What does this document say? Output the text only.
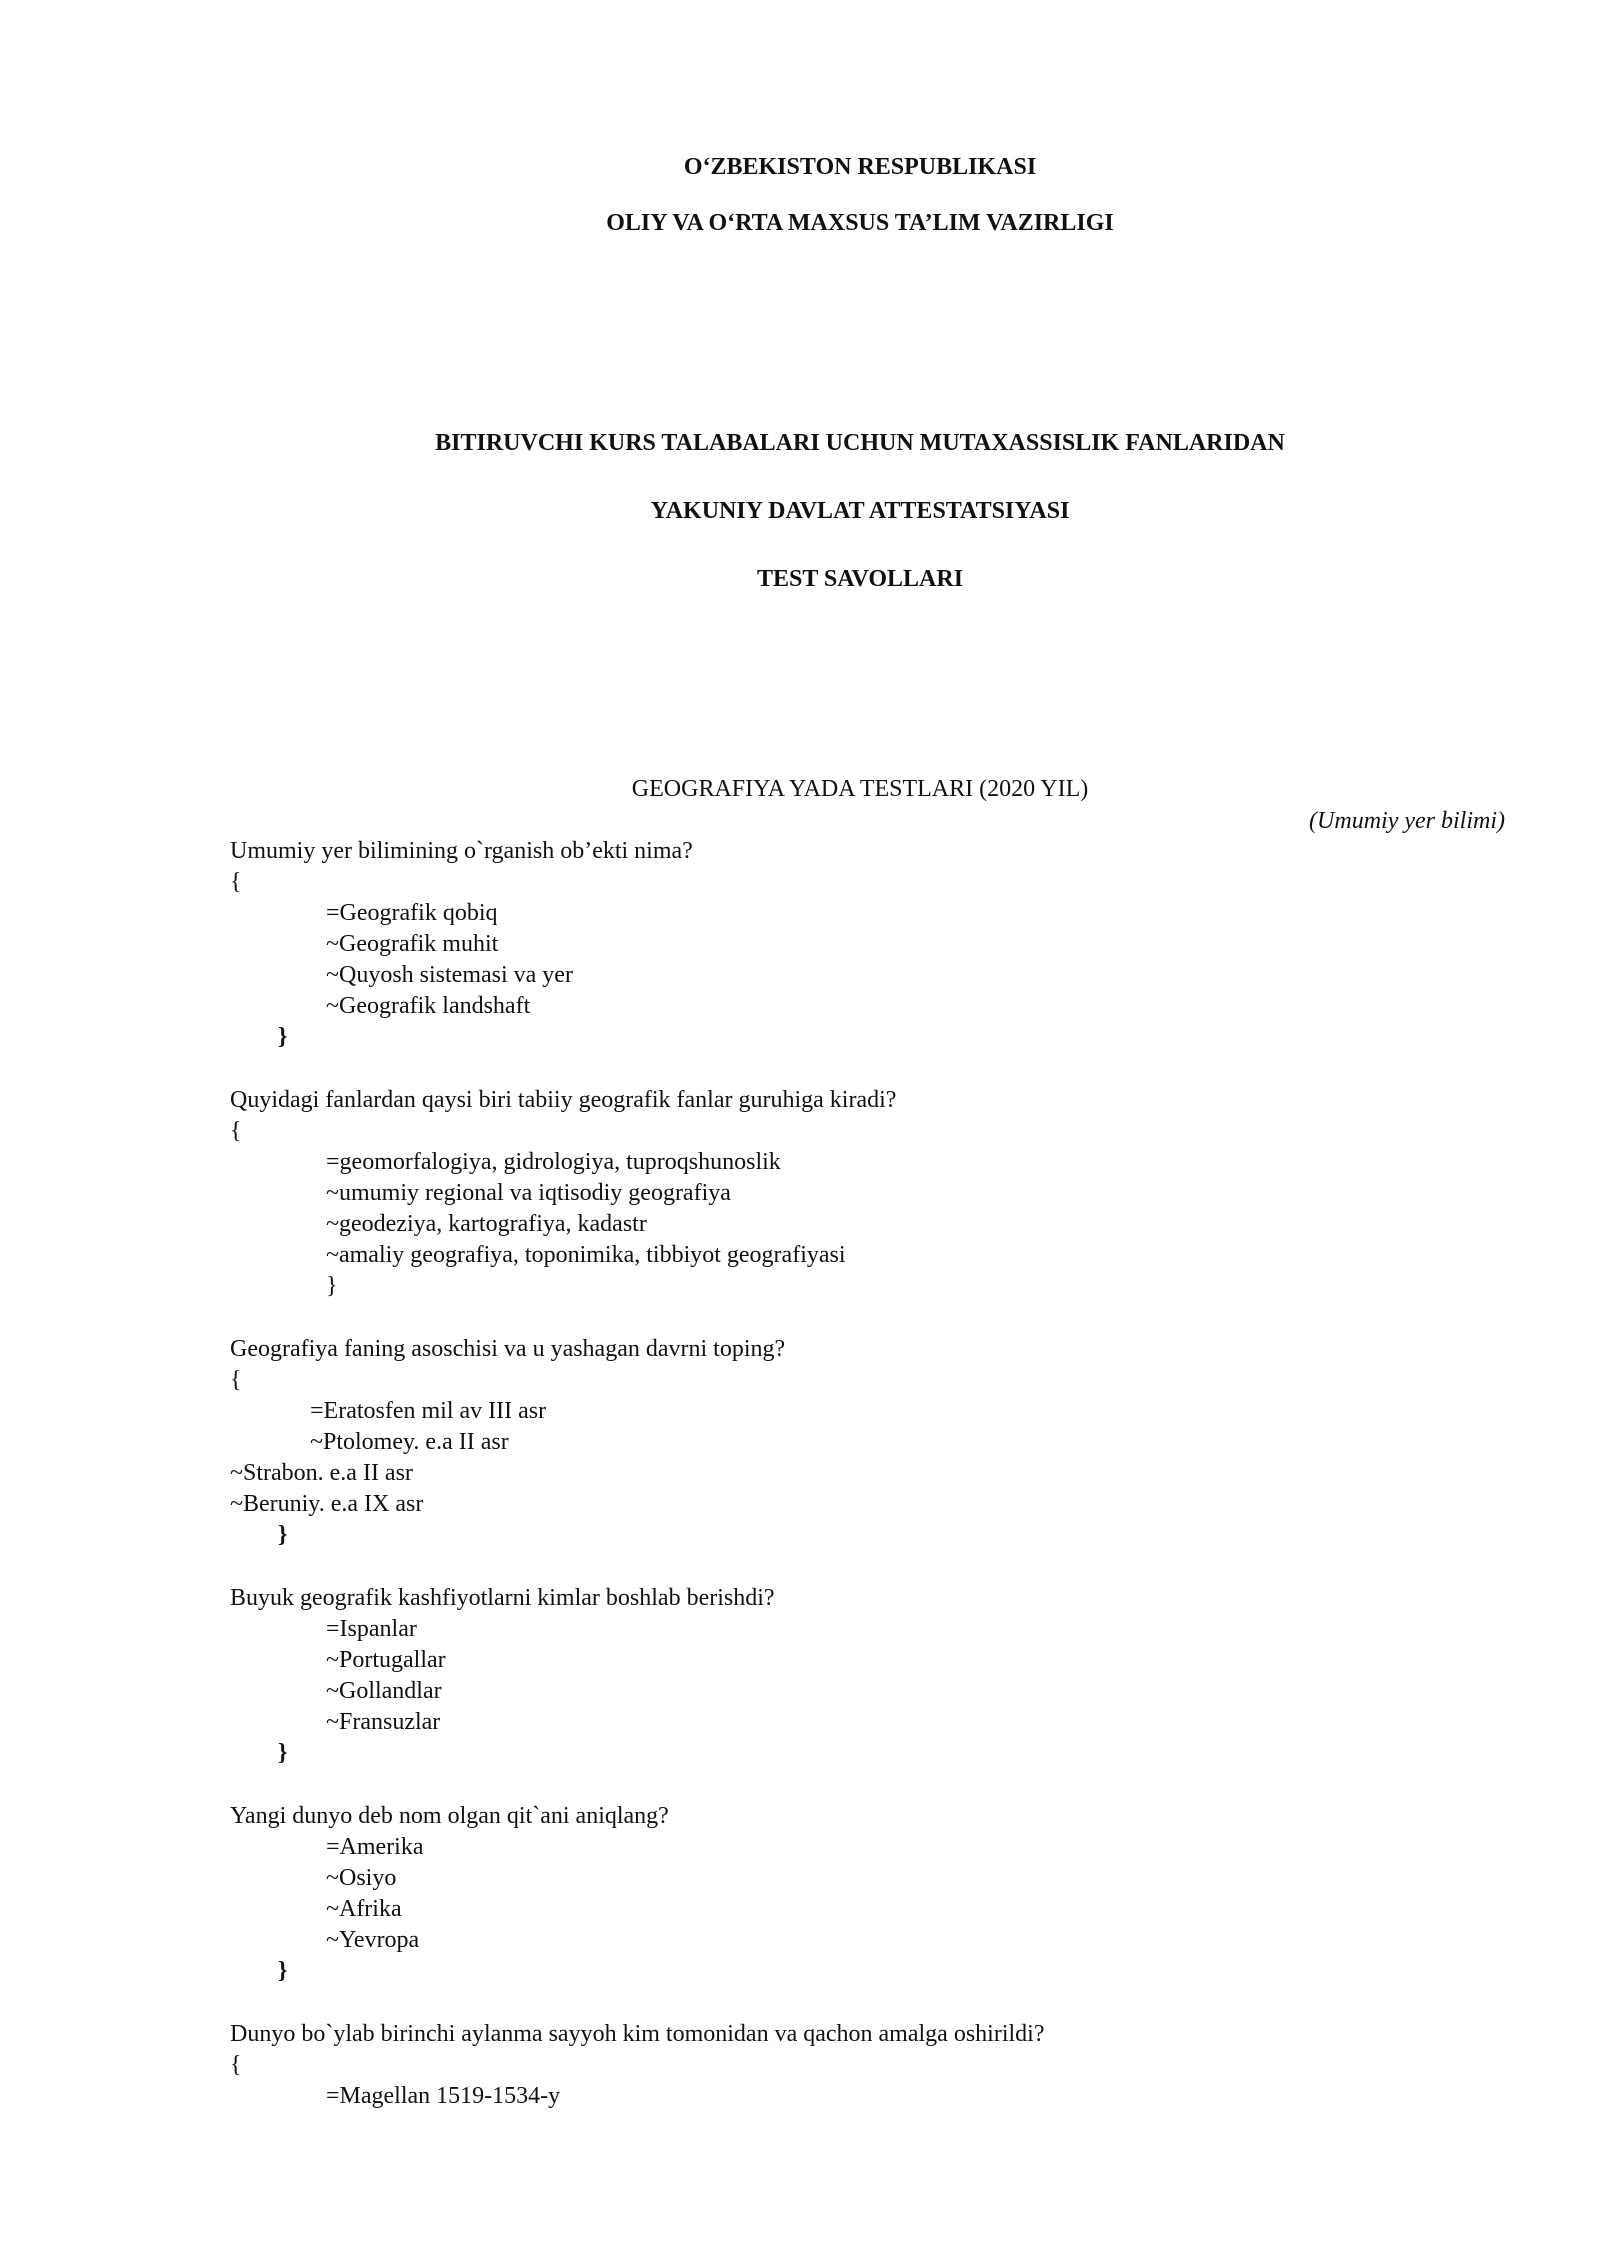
O‘ZBEKISTON RESPUBLIKASI
OLIY VA O‘RTA MAXSUS TA’LIM VAZIRLIGI
BITIRUVCHI KURS TALABALARI UCHUN MUTAXASSISLIK FANLARIDAN
YAKUNIY DAVLAT ATTESTATSIYASI
TEST SAVOLLARI
GEOGRAFIYA YADA TESTLARI (2020 YIL)
(Umumiy yer bilimi)
Umumiy yer bilimining o`rganish ob’ekti nima?
{
=Geografik qobiq
~Geografik muhit
~Quyosh sistemasi va yer
~Geografik landshaft
}
Quyidagi fanlardan qaysi biri tabiiy geografik fanlar guruhiga kiradi?
{
=geomorfalogiya, gidrologiya, tuproqshunoslik
~umumiy regional va iqtisodiy geografiya
~geodeziya, kartografiya, kadastr
~amaliy geografiya, toponimika, tibbiyot geografiyasi
}
Geografiya faning asoschisi va u yashagan davrni toping?
{
=Eratosfen mil av III asr
~Ptolomey. e.a II asr
~Strabon. e.a II asr
~Beruniy. e.a IX asr
}
Buyuk geografik kashfiyotlarni kimlar boshlab berishdi?
=Ispanlar
~Portugallar
~Gollandlar
~Fransuzlar
}
Yangi dunyo deb nom olgan qit`ani aniqlang?
=Amerika
~Osiyo
~Afrika
~Yevropa
}
Dunyo bo`ylab birinchi aylanma sayyoh kim tomonidan va qachon amalga oshirildi?
{
=Magellan 1519-1534-y
